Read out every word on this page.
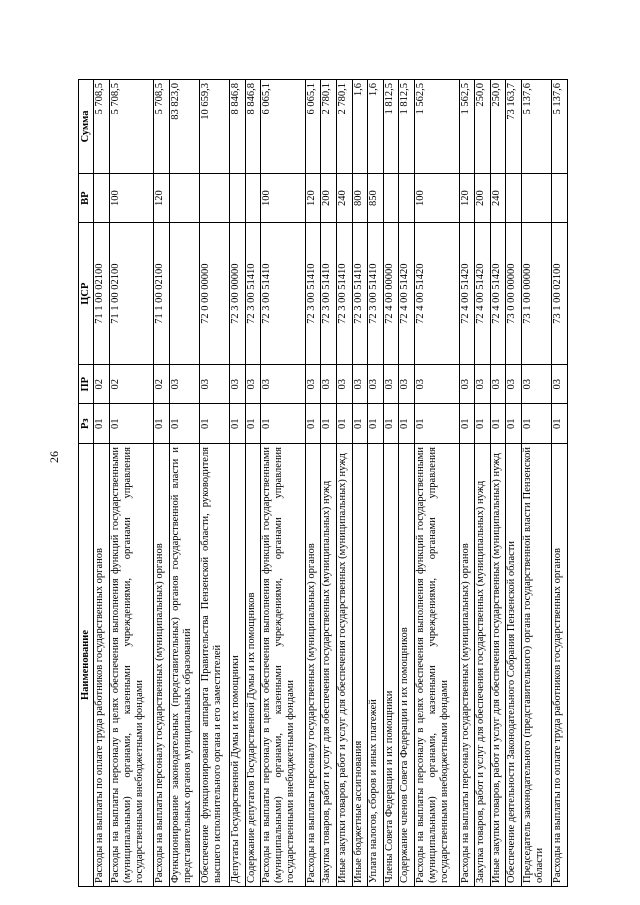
26
Наименование	Рз	ПР	ЦСР	ВР	Сумма
Расходы на выплаты по оплате труда работников государственных органов	01	02	71 1 00 02100		5 708,5
Расходы на выплаты персоналу в целях обеспечения выполнения функций государственными (муниципальными) органами, казенными учреждениями, органами управления государственными внебюджетными фондами	01	02	71 1 00 02100	100	5 708,5
Расходы на выплаты персоналу государственных (муниципальных) органов	01	02	71 1 00 02100	120	5 708,5
Функционирование законодательных (представительных) органов государственной власти и представительных органов муниципальных образований	01	03			83 823,0
Обеспечение функционирования аппарата Правительства Пензенской области, руководителя высшего исполнительного органа и его заместителей	01	03	72 0 00 00000		10 659,3
Депутаты Государственной Думы и их помощники	01	03	72 3 00 00000		8 846,8
Содержание депутатов Государственной Думы и их помощников	01	03	72 3 00 51410		8 846,8
Расходы на выплаты персоналу в целях обеспечения выполнения функций государственными (муниципальными) органами, казенными учреждениями, органами управления государственными внебюджетными фондами	01	03	72 3 00 51410	100	6 065,1
Расходы на выплаты персоналу государственных (муниципальных) органов	01	03	72 3 00 51410	120	6 065,1
Закупка товаров, работ и услуг для обеспечения государственных (муниципальных) нужд	01	03	72 3 00 51410	200	2 780,1
Иные закупки товаров, работ и услуг для обеспечения государственных (муниципальных) нужд	01	03	72 3 00 51410	240	2 780,1
Иные бюджетные ассигнования	01	03	72 3 00 51410	800	1,6
Уплата налогов, сборов и иных платежей	01	03	72 3 00 51410	850	1,6
Члены Совета Федерации и их помощники	01	03	72 4 00 00000		1 812,5
Содержание членов Совета Федерации и их помощников	01	03	72 4 00 51420		1 812,5
Расходы на выплаты персоналу в целях обеспечения выполнения функций государственными (муниципальными) органами, казенными учреждениями, органами управления государственными внебюджетными фондами	01	03	72 4 00 51420	100	1 562,5
Расходы на выплаты персоналу государственных (муниципальных) органов	01	03	72 4 00 51420	120	1 562,5
Закупка товаров, работ и услуг для обеспечения государственных (муниципальных) нужд	01	03	72 4 00 51420	200	250,0
Иные закупки товаров, работ и услуг для обеспечения государственных (муниципальных) нужд	01	03	72 4 00 51420	240	250,0
Обеспечение деятельности Законодательного Собрания Пензенской области	01	03	73 0 00 00000		73 163,7
Председатель законодательного (представительного) органа государственной власти Пензенской области	01	03	73 1 00 00000		5 137,6
Расходы на выплаты по оплате труда работников государственных органов	01	03	73 1 00 02100		5 137,6
